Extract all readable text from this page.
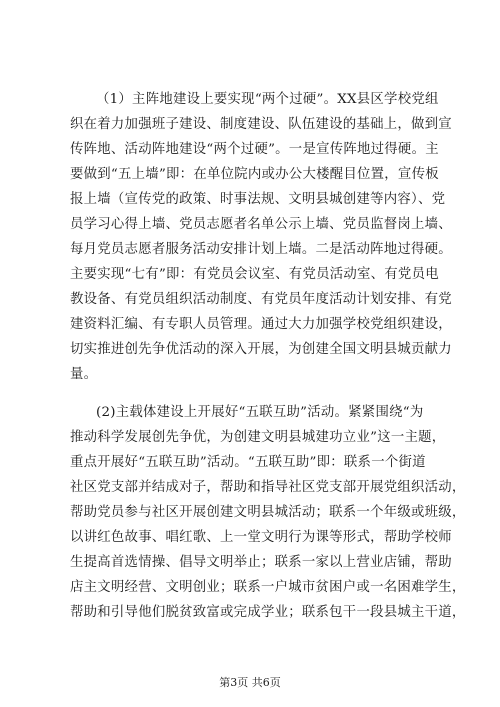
（1）主阵地建设上要实现“两个过硬”。XX县区学校党组
织在着力加强班子建设、制度建设、队伍建设的基础上，做到宣
传阵地、活动阵地建设“两个过硬”。一是宣传阵地过得硬。主
要做到“五上墙”即：在单位院内或办公大楼醒目位置，宣传板
报上墙（宣传党的政策、时事法规、文明县城创建等内容）、党
员学习心得上墙、党员志愿者名单公示上墙、党员监督岗上墙、
每月党员志愿者服务活动安排计划上墙。二是活动阵地过得硬。
主要实现“七有”即：有党员会议室、有党员活动室、有党员电
教设备、有党员组织活动制度、有党员年度活动计划安排、有党
建资料汇编、有专职人员管理。通过大力加强学校党组织建设，
切实推进创先争优活动的深入开展，为创建全国文明县城贡献力
量。
(2)主载体建设上开展好“五联互助”活动。紧紧围绕“为
推动科学发展创先争优，为创建文明县城建功立业”这一主题，
重点开展好“五联互助”活动。“五联互助”即：联系一个街道
社区党支部并结成对子，帮助和指导社区党支部开展党组织活动，
帮助党员参与社区开展创建文明县城活动；联系一个年级或班级，
以讲红色故事、唱红歌、上一堂文明行为课等形式，帮助学校师
生提高首选情操、倡导文明举止；联系一家以上营业店铺，帮助
店主文明经营、文明创业；联系一户城市贫困户或一名困难学生，
帮助和引导他们脱贫致富或完成学业；联系包干一段县城主干道，
第3页 共6页
